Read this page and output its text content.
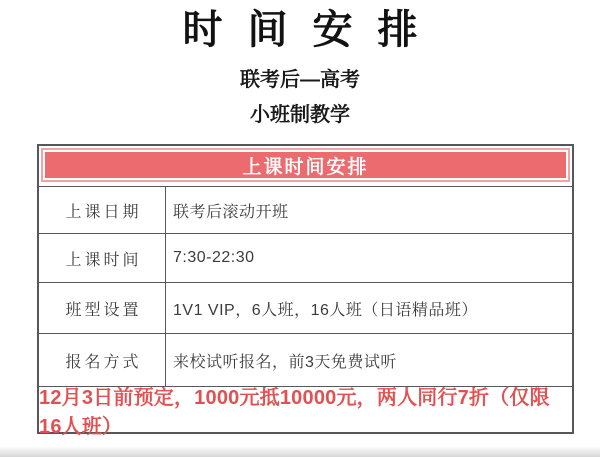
时间安排
联考后—高考
小班制教学
上课时间安排
上课日期	联考后滚动开班
上课时间	7:30-22:30
班型设置	1V1 VIP，6人班，16人班（日语精品班）
报名方式	来校试听报名，前3天免费试听
12月3日前预定，1000元抵10000元，两人同行7折（仅限16人班）
